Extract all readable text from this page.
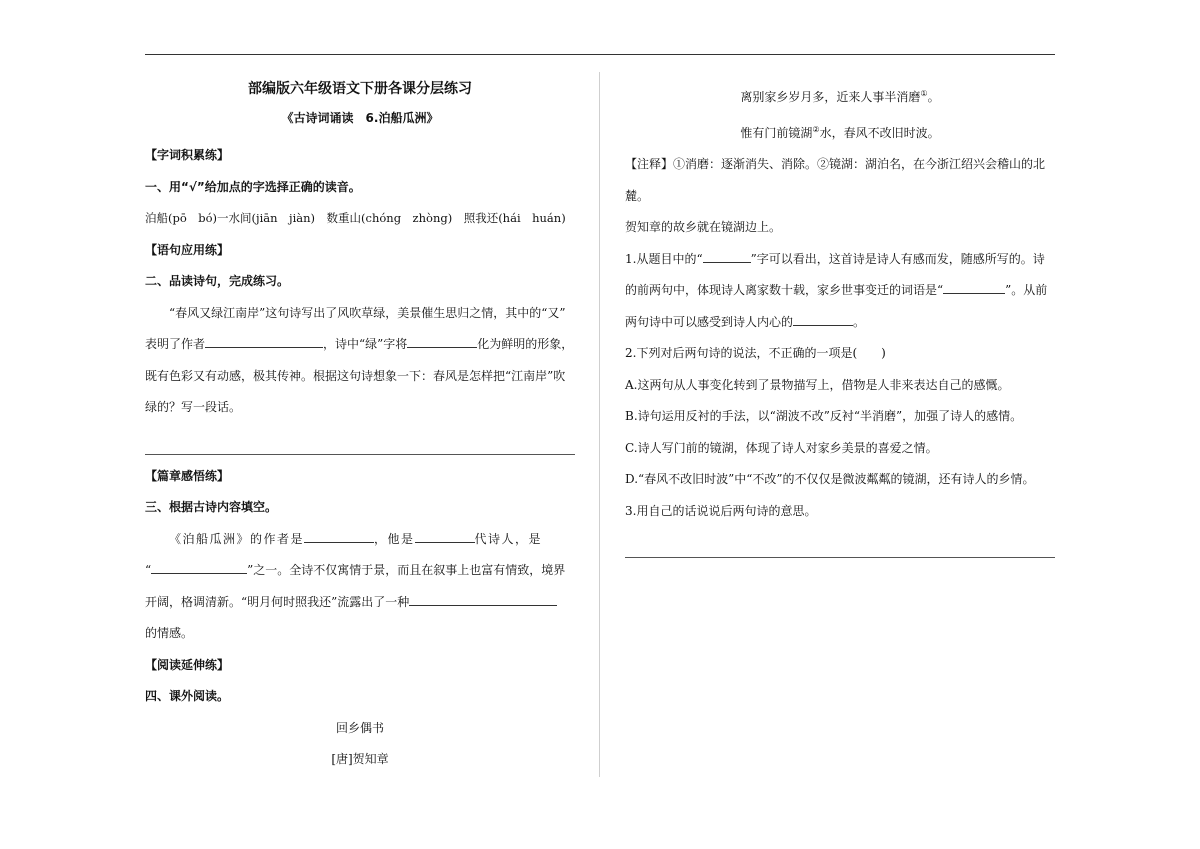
部编版六年级语文下册各课分层练习
《古诗词诵读　6.泊船瓜洲》
【字词积累练】
一、用“√”给加点的字选择正确的读音。
泊船(pō　bó)一水间(jiān　jiàn)　数重山(chóng　zhòng)　照我还(hái　huán)
【语句应用练】
二、品读诗句，完成练习。
“春风又绿江南岸”这句诗写出了风吹草绿，美景催生思归之情，其中的“又”
表明了作者	，诗中“绿”字将	化为鲜明的形象，
既有色彩又有动感，极其传神。根据这句诗想象一下：春风是怎样把“江南岸”吹
绿的？写一段话。
【篇章感悟练】
三、根据古诗内容填空。
《泊船瓜洲》的作者是	，他是	代诗人，是
“	”之一。全诗不仅寓情于景，而且在叙事上也富有情致，境界
开阔，格调清新。“明月何时照我还”流露出了一种
的情感。
【阅读延伸练】
四、课外阅读。
回乡偶书
[唐]贺知章
离别家乡岁月多，近来人事半消磨①。
惟有门前镜湖②水，春风不改旧时波。
【注释】①消磨：逐渐消失、消除。②镜湖：湖泊名，在今浙江绍兴会稽山的北麓。
贺知章的故乡就在镜湖边上。
1.从题目中的“	”字可以看出，这首诗是诗人有感而发，随感所写的。诗
的前两句中，体现诗人离家数十载，家乡世事变迁的词语是“	”。从前
两句诗中可以感受到诗人内心的	。
2.下列对后两句诗的说法，不正确的一项是(　　)
A.这两句从人事变化转到了景物描写上，借物是人非来表达自己的感慨。
B.诗句运用反衬的手法，以“湖波不改”反衬“半消磨”，加强了诗人的感情。
C.诗人写门前的镜湖，体现了诗人对家乡美景的喜爱之情。
D.“春风不改旧时波”中“不改”的不仅仅是微波粼粼的镜湖，还有诗人的乡情。
3.用自己的话说说后两句诗的意思。
